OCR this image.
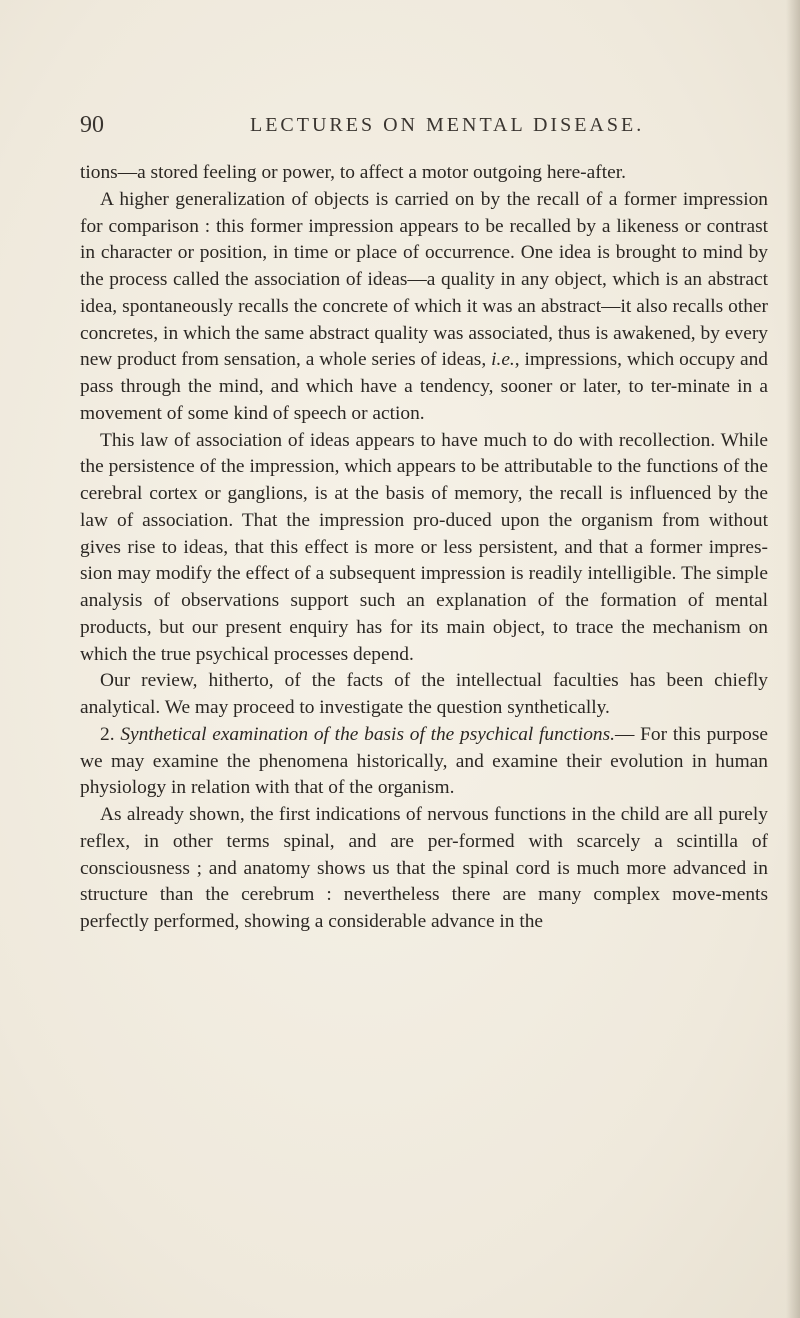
90	LECTURES ON MENTAL DISEASE.

tions—a stored feeling or power, to affect a motor outgoing here-after.

A higher generalization of objects is carried on by the recall of a former impression for comparison : this former impression appears to be recalled by a likeness or contrast in character or position, in time or place of occurrence. One idea is brought to mind by the process called the association of ideas—a quality in any object, which is an abstract idea, spontaneously recalls the concrete of which it was an abstract—it also recalls other concretes, in which the same abstract quality was associated, thus is awakened, by every new product from sensation, a whole series of ideas, i.e., impressions, which occupy and pass through the mind, and which have a tendency, sooner or later, to ter-minate in a movement of some kind of speech or action.

This law of association of ideas appears to have much to do with recollection. While the persistence of the impression, which appears to be attributable to the functions of the cerebral cortex or ganglions, is at the basis of memory, the recall is influenced by the law of association. That the impression pro-duced upon the organism from without gives rise to ideas, that this effect is more or less persistent, and that a former impres-sion may modify the effect of a subsequent impression is readily intelligible. The simple analysis of observations support such an explanation of the formation of mental products, but our present enquiry has for its main object, to trace the mechanism on which the true psychical processes depend.

Our review, hitherto, of the facts of the intellectual faculties has been chiefly analytical. We may proceed to investigate the question synthetically.

2. Synthetical examination of the basis of the psychical functions.— For this purpose we may examine the phenomena historically, and examine their evolution in human physiology in relation with that of the organism.

As already shown, the first indications of nervous functions in the child are all purely reflex, in other terms spinal, and are per-formed with scarcely a scintilla of consciousness ; and anatomy shows us that the spinal cord is much more advanced in structure than the cerebrum : nevertheless there are many complex move-ments perfectly performed, showing a considerable advance in the
